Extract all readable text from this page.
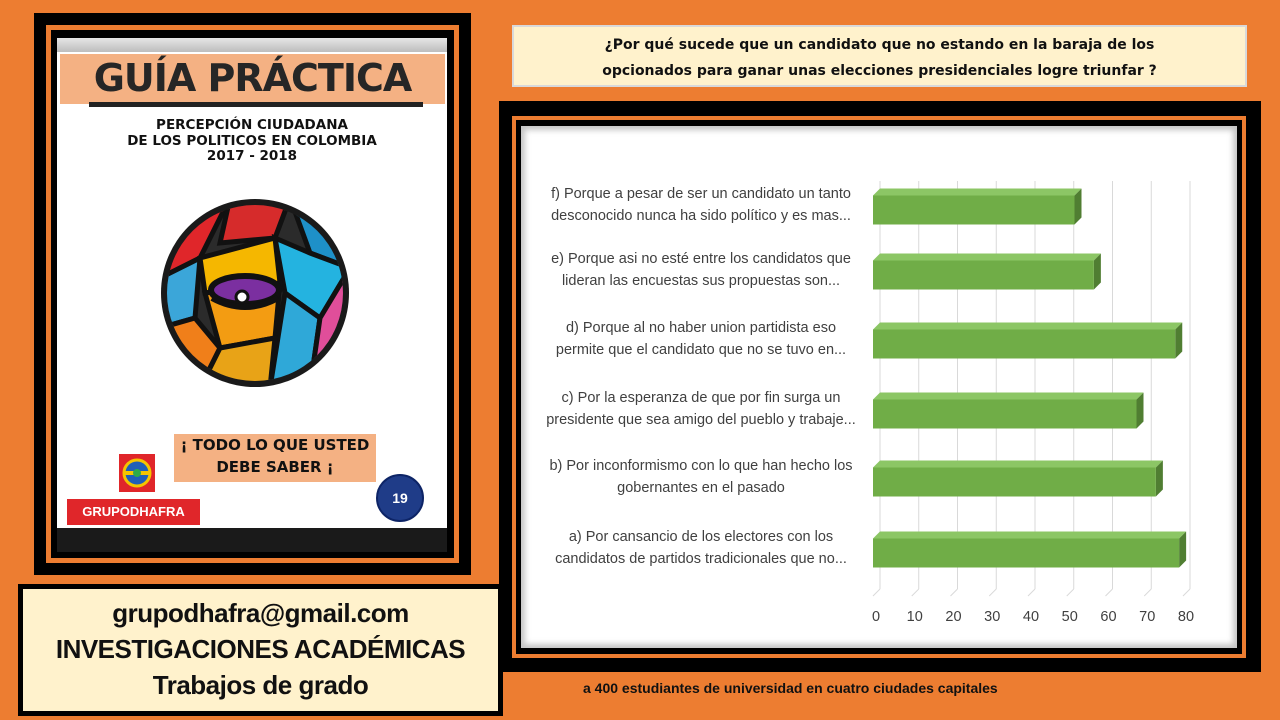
GUÍA PRÁCTICA
PERCEPCIÓN CIUDADANA
DE LOS POLITICOS EN COLOMBIA
2017 - 2018
¡ TODO LO QUE USTED
DEBE SABER ¡
GRUPODHAFRA
19
grupodhafra@gmail.com
INVESTIGACIONES ACADÉMICAS
Trabajos de grado
¿Por qué sucede que un candidato que no estando en la baraja de los
opcionados para ganar unas elecciones presidenciales logre triunfar ?
0 10 20 30 40 50 60 70 80
f) Porque a pesar de ser un candidato un tanto
desconocido nunca ha sido político y es mas...
e) Porque asi no esté entre los candidatos que
lideran las encuestas sus propuestas son...
d) Porque al no haber union partidista eso
permite que el candidato que no se tuvo en...
c) Por la esperanza de que por fin surga un
presidente que sea amigo del pueblo y trabaje...
b) Por inconformismo con lo que han hecho los
gobernantes en el pasado
a) Por cansancio de los electores con los
candidatos de partidos tradicionales que no...
a 400 estudiantes de universidad en cuatro ciudades capitales
